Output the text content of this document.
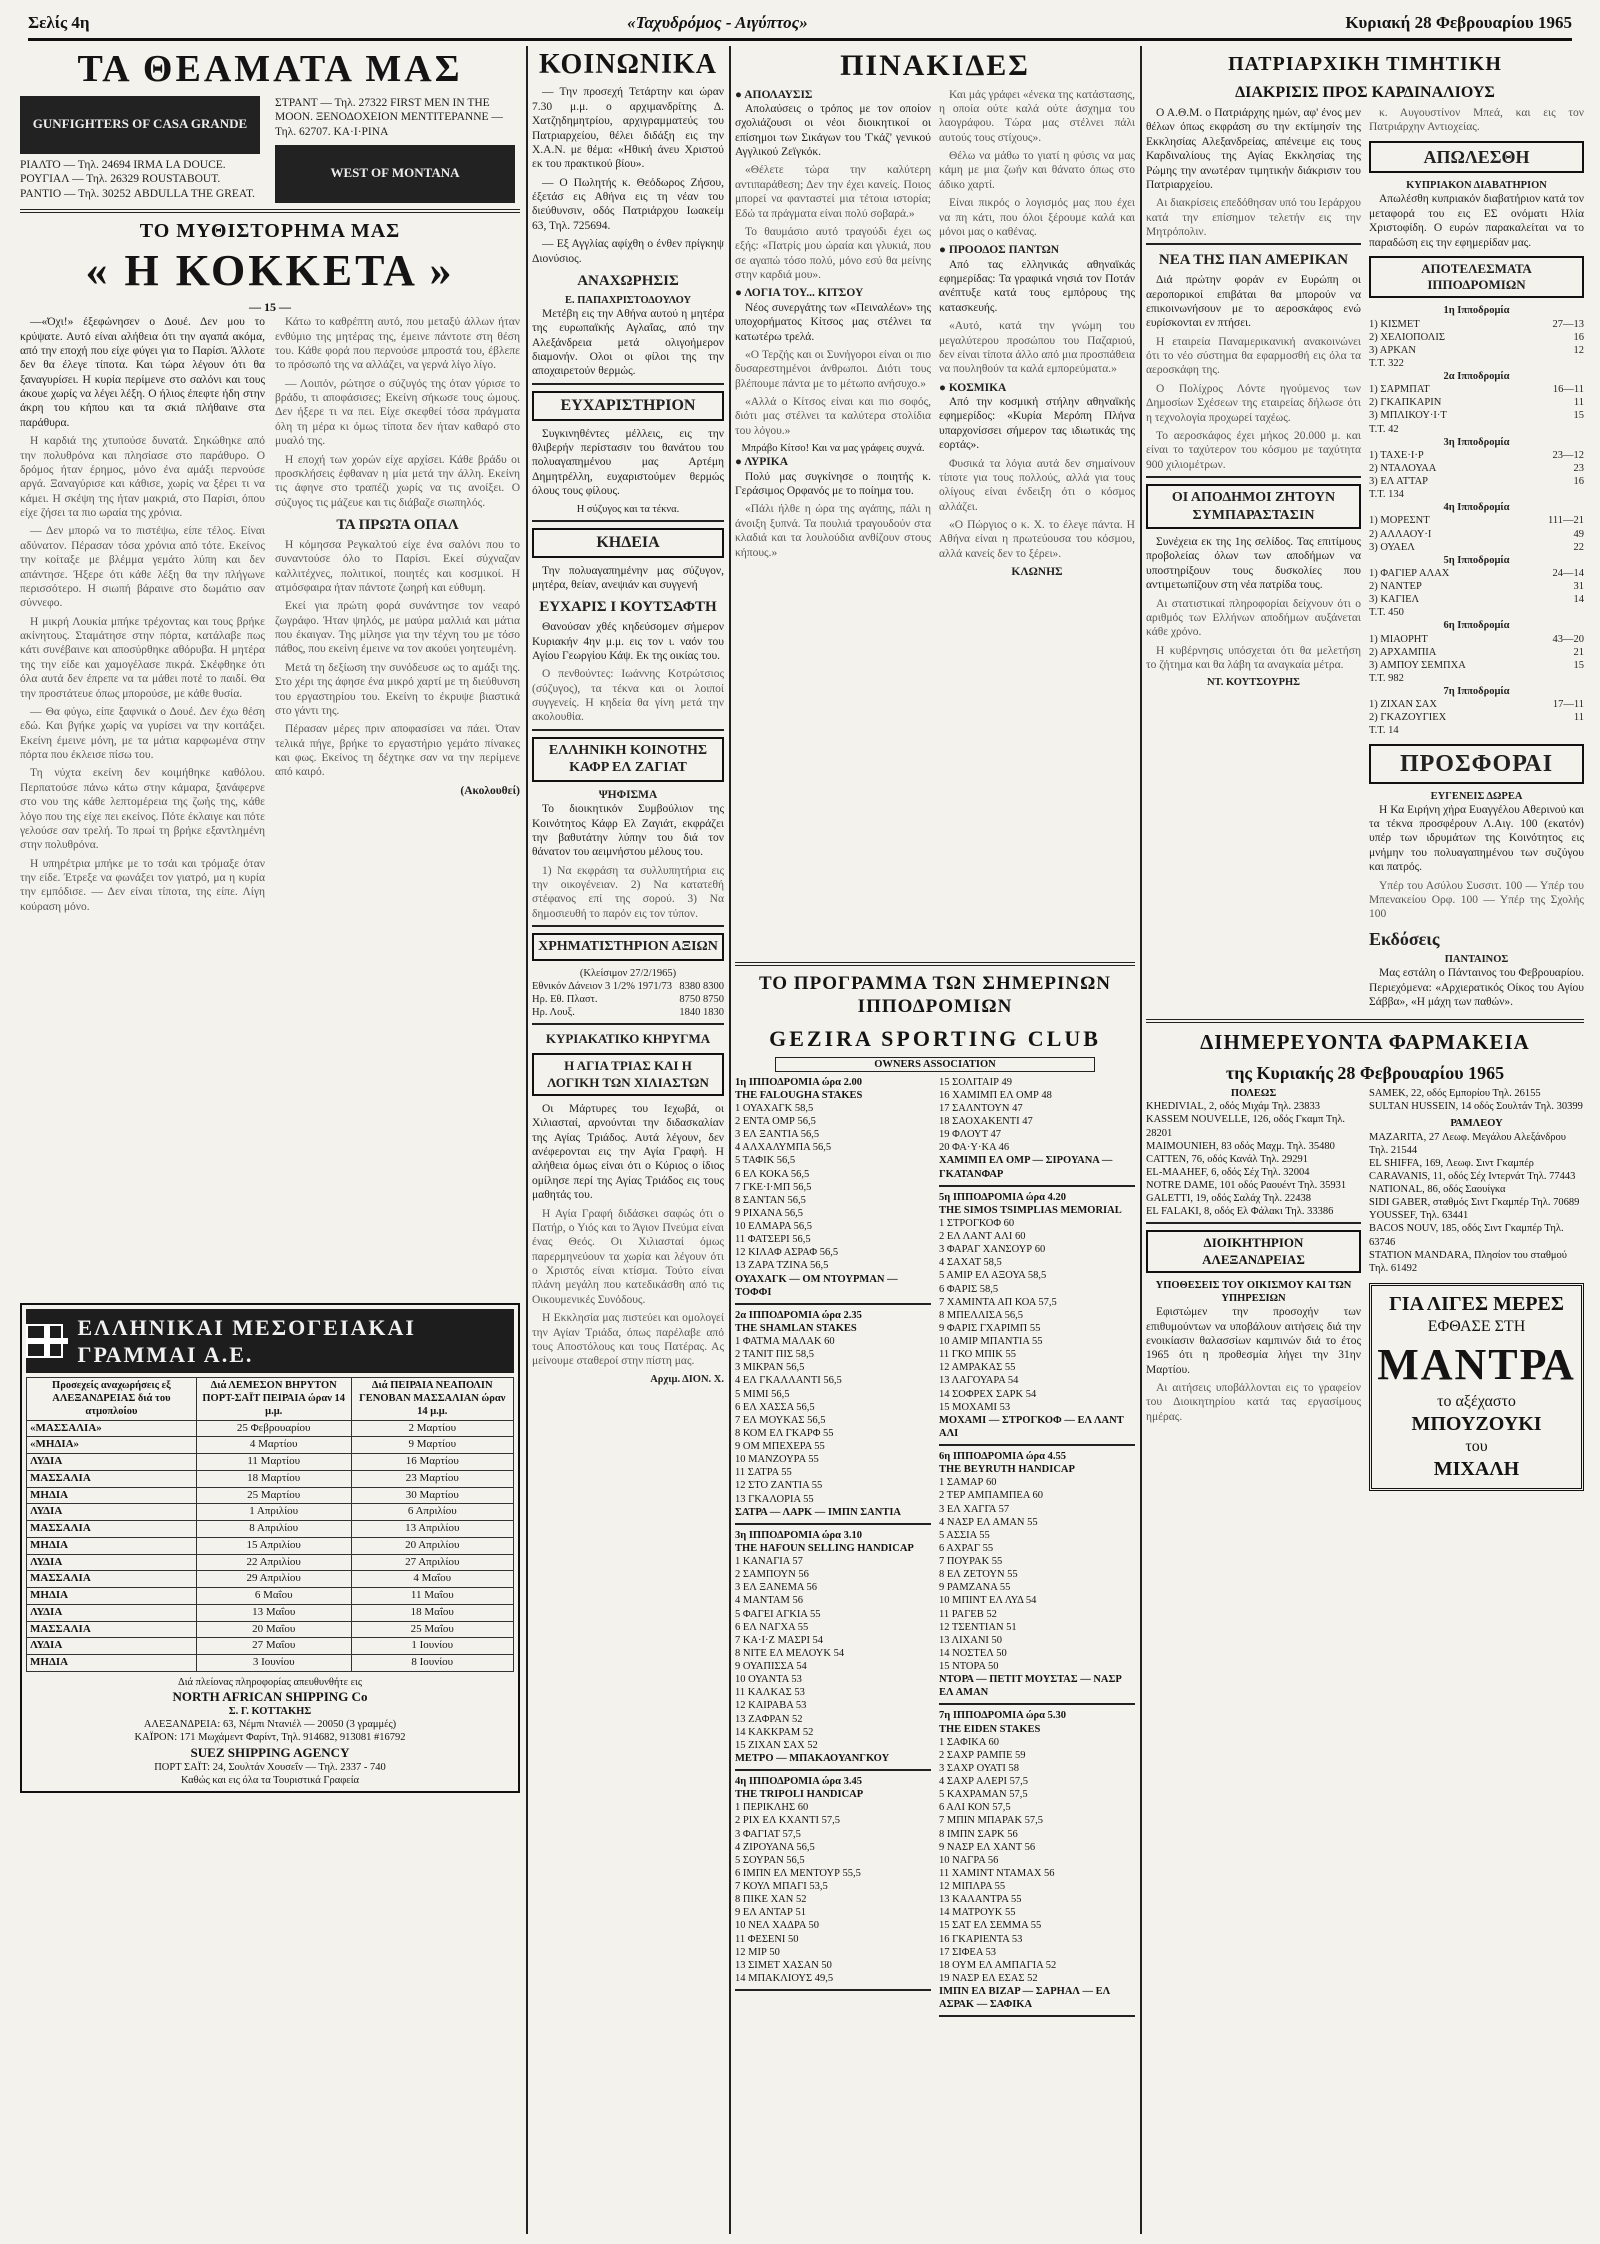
Σελίς 4η	«Ταχυδρόμος - Αιγύπτος»	Κυριακή 28 Φεβρουαρίου 1965
ΤΑ ΘΕΑΜΑΤΑ ΜΑΣ
GUNFIGHTERS OF CASA GRANDE
ΡΙΑΛΤΟ — Τηλ. 24694 IRMA LA DOUCE.
ΡΟΥΓΙΑΛ — Τηλ. 26329 ROUSTABOUT.
ΡΑΝΤΙΟ — Τηλ. 30252 ABDULLA THE GREAT.
ΣΤΡΑΝΤ — Τηλ. 27322 FIRST MEN IN THE MOON. ΞΕΝΟΔΟΧΕΙΟΝ ΜΕΝΤΙΤΕΡΑΝΝΕ — Τηλ. 62707. ΚΑ·Ι·ΡΙΝΑ
WEST OF MONTANA
ΤΟ ΜΥΘΙΣΤΟΡΗΜΑ ΜΑΣ
« Η ΚΟΚΚΕΤΑ »
— 15 —

—«Όχι!» έξεφώνησεν ο Δουέ. Δεν μου το κρύψατε. Αυτό είναι αλήθεια ότι την αγαπά ακόμα, από την εποχή που είχε φύγει για το Παρίσι. Άλλοτε δεν θα έλεγε τίποτα. Και τώρα λέγουν ότι θα ξαναγυρίσει. Η κυρία περίμενε στο σαλόνι και τους άκουε χωρίς να λέγει λέξη. Ο ήλιος έπεφτε ήδη στην άκρη του κήπου και τα σκιά πλήθαινε στα παράθυρα.

Η καρδιά της χτυπούσε δυνατά. Σηκώθηκε από την πολυθρόνα και πλησίασε στο παράθυρο. Ο δρόμος ήταν έρημος, μόνο ένα αμάξι περνούσε αργά. Ξαναγύρισε και κάθισε, χωρίς να ξέρει τι να κάμει. Η σκέψη της ήταν μακριά, στο Παρίσι, όπου είχε ζήσει τα πιο ωραία της χρόνια.

— Δεν μπορώ να το πιστέψω, είπε τέλος. Είναι αδύνατον. Πέρασαν τόσα χρόνια από τότε. Εκείνος την κοίταξε με βλέμμα γεμάτο λύπη και δεν απάντησε. Ήξερε ότι κάθε λέξη θα την πλήγωνε περισσότερο. Η σιωπή βάραινε στο δωμάτιο σαν σύννεφο.

Η μικρή Λουκία μπήκε τρέχοντας και τους βρήκε ακίνητους. Σταμάτησε στην πόρτα, κατάλαβε πως κάτι συνέβαινε και αποσύρθηκε αθόρυβα. Η μητέρα της την είδε και χαμογέλασε πικρά. Σκέφθηκε ότι όλα αυτά δεν έπρεπε να τα μάθει ποτέ το παιδί. Θα την προστάτευε όπως μπορούσε, με κάθε θυσία.

— Θα φύγω, είπε ξαφνικά ο Δουέ. Δεν έχω θέση εδώ. Και βγήκε χωρίς να γυρίσει να την κοιτάξει. Εκείνη έμεινε μόνη, με τα μάτια καρφωμένα στην πόρτα που έκλεισε πίσω του.

Τη νύχτα εκείνη δεν κοιμήθηκε καθόλου. Περπατούσε πάνω κάτω στην κάμαρα, ξανάφερνε στο νου της κάθε λεπτομέρεια της ζωής της, κάθε λόγο που της είχε πει εκείνος. Πότε έκλαιγε και πότε γελούσε σαν τρελή. Το πρωί τη βρήκε εξαντλημένη στην πολυθρόνα.

Η υπηρέτρια μπήκε με το τσάι και τρόμαξε όταν την είδε. Έτρεξε να φωνάξει τον γιατρό, μα η κυρία την εμπόδισε. — Δεν είναι τίποτα, της είπε. Λίγη κούραση μόνο.

Κάτω το καθρέπτη αυτό, που μεταξύ άλλων ήταν ενθύμιο της μητέρας της, έμεινε πάντοτε στη θέση του. Κάθε φορά που περνούσε μπροστά του, έβλεπε το πρόσωπό της να αλλάζει, να γερνά λίγο λίγο.

— Λοιπόν, ρώτησε ο σύζυγός της όταν γύρισε το βράδυ, τι αποφάσισες; Εκείνη σήκωσε τους ώμους. Δεν ήξερε τι να πει. Είχε σκεφθεί τόσα πράγματα όλη τη μέρα κι όμως τίποτα δεν ήταν καθαρό στο μυαλό της.

Η εποχή των χορών είχε αρχίσει. Κάθε βράδυ οι προσκλήσεις έφθαναν η μία μετά την άλλη. Εκείνη τις άφηνε στο τραπέζι χωρίς να τις ανοίξει. Ο σύζυγος τις μάζευε και τις διάβαζε σιωπηλός.

ΤΑ ΠΡΩΤΑ ΟΠΑΛ

Η κόμησσα Ρεγκαλτού είχε ένα σαλόνι που το συναντούσε όλο το Παρίσι. Εκεί σύχναζαν καλλιτέχνες, πολιτικοί, ποιητές και κοσμικοί. Η ατμόσφαιρα ήταν πάντοτε ζωηρή και εύθυμη.

Εκεί για πρώτη φορά συνάντησε τον νεαρό ζωγράφο. Ήταν ψηλός, με μαύρα μαλλιά και μάτια που έκαιγαν. Της μίλησε για την τέχνη του με τόσο πάθος, που εκείνη έμεινε να τον ακούει γοητευμένη.

Μετά τη δεξίωση την συνόδευσε ως το αμάξι της. Στο χέρι της άφησε ένα μικρό χαρτί με τη διεύθυνση του εργαστηρίου του. Εκείνη το έκρυψε βιαστικά στο γάντι της.

Πέρασαν μέρες πριν αποφασίσει να πάει. Όταν τελικά πήγε, βρήκε το εργαστήριο γεμάτο πίνακες και φως. Εκείνος τη δέχτηκε σαν να την περίμενε από καιρό.

(Ακολουθεί)
ΕΛΛΗΝΙΚΑΙ ΜΕΣΟΓΕΙΑΚΑΙ ΓΡΑΜΜΑΙ Α.Ε.
Προσεχείς αναχωρήσεις εξ ΑΛΕΞΑΝΔΡΕΙΑΣ διά του ατμοπλοίου	Διά ΛΕΜΕΣΟΝ ΒΗΡΥΤΟΝ ΠΟΡΤ-ΣΑΪΤ ΠΕΙΡΑΙΑ ώραν 14 μ.μ.	Διά ΠΕΙΡΑΙΑ ΝΕΑΠΟΛΙΝ ΓΕΝΟΒΑΝ ΜΑΣΣΑΛΙΑΝ ώραν 14 μ.μ.
«ΜΑΣΣΑΛΙΑ»	25 Φεβρουαρίου	2 Μαρτίου
«ΜΗΔΙΑ»	4 Μαρτίου	9 Μαρτίου
ΛΥΔΙΑ	11 Μαρτίου	16 Μαρτίου
ΜΑΣΣΑΛΙΑ	18 Μαρτίου	23 Μαρτίου
ΜΗΔΙΑ	25 Μαρτίου	30 Μαρτίου
ΛΥΔΙΑ	1 Απριλίου	6 Απριλίου
ΜΑΣΣΑΛΙΑ	8 Απριλίου	13 Απριλίου
ΜΗΔΙΑ	15 Απριλίου	20 Απριλίου
ΛΥΔΙΑ	22 Απριλίου	27 Απριλίου
ΜΑΣΣΑΛΙΑ	29 Απριλίου	4 Μαΐου
ΜΗΔΙΑ	6 Μαΐου	11 Μαΐου
ΛΥΔΙΑ	13 Μαΐου	18 Μαΐου
ΜΑΣΣΑΛΙΑ	20 Μαΐου	25 Μαΐου
ΛΥΔΙΑ	27 Μαΐου	1 Ιουνίου
ΜΗΔΙΑ	3 Ιουνίου	8 Ιουνίου
Διά πλείονας πληροφορίας απευθυνθήτε εις
NORTH AFRICAN SHIPPING Co
Σ. Γ. ΚΟΤΤΑΚΗΣ
ΑΛΕΞΑΝΔΡΕΙΑ: 63, Νέμπι Ντανιέλ — 20050 (3 γραμμές)
ΚΑΪΡΟΝ: 171 Μωχάμεντ Φαρίντ, Τηλ. 914682, 913081 #16792
SUEZ SHIPPING AGENCY
ΠΟΡΤ ΣΑΪΤ: 24, Σουλτάν Χουσεΐν — Τηλ. 2337 - 740
Καθώς και εις όλα τα Τουριστικά Γραφεία
ΚΟΙΝΩΝΙΚΑ

— Την προσεχή Τετάρτην και ώραν 7.30 μ.μ. ο αρχιμανδρίτης Δ. Χατζηδημητρίου, αρχιγραμματεύς του Πατριαρχείου, θέλει διδάξη εις την Χ.Α.Ν. με θέμα: «Ηθική άνευ Χριστού εκ του πρακτικού βίου».

— Ο Πωλητής κ. Θεόδωρος Ζήσου, έξετάσ εις Αθήνα εις τη νέαν του διεύθυνσιν, οδός Πατριάρχου Ιωακείμ 63, Τηλ. 725694.

— Εξ Αγγλίας αφίχθη ο ένθεν πρίγκηψ Διονύσιος.

ΑΝΑΧΩΡΗΣΙΣ
Ε. ΠΑΠΑΧΡΙΣΤΟΔΟΥΛΟΥ

Μετέβη εις την Αθήνα αυτού η μητέρα της ευρωπαϊκής Αγλαΐας, από την Αλεξάνδρεια μετά ολιγοήμερον διαμονήν. Ολοι οι φίλοι της την αποχαιρετούν θερμώς.

ΕΥΧΑΡΙΣΤΗΡΙΟΝ

Συγκινηθέντες μέλλεις, εις την θλιβερήν περίστασιν του θανάτου του πολυαγαπημένου μας Αρτέμη Δημητρέλλη, ευχαριστούμεν θερμώς όλους τους φίλους.

Η σύζυγος και τα τέκνα.
ΚΗΔΕΙΑ

Την πολυαγαπημένην μας σύζυγον, μητέρα, θείαν, ανεψιάν και συγγενή

ΕΥΧΑΡΙΣ Ι ΚΟΥΤΣΑΦΤΗ

Θανούσαν χθές κηδεύσομεν σήμερον Κυριακήν 4ην μ.μ. εις τον ι. ναόν του Αγίου Γεωργίου Κάψ. Εκ της οικίας του.

Ο πενθούντες: Ιωάννης Κοτρώτσιος (σύζυγος), τα τέκνα και οι λοιποί συγγενείς. Η κηδεία θα γίνη μετά την ακολουθία.

ΕΛΛΗΝΙΚΗ ΚΟΙΝΟΤΗΣ ΚΑΦΡ ΕΛ ΖΑΓΙΑΤ
ΨΗΦΙΣΜΑ

Το διοικητικόν Συμβούλιον της Κοινότητος Κάφρ Ελ Ζαγιάτ, εκφράζει την βαθυτάτην λύπην του διά τον θάνατον του αειμνήστου μέλους του.

1) Να εκφράση τα συλλυπητήρια εις την οικογένειαν. 2) Να κατατεθή στέφανος επί της σορού. 3) Να δημοσιευθή το παρόν εις τον τύπον.

ΧΡΗΜΑΤΙΣΤΗΡΙΟΝ ΑΞΙΩΝ
(Κλείσιμον 27/2/1965)
Εθνικόν Δάνειον 3 1/2% 1971/73 8380 8300
Ηρ. Εθ. Πλαστ.	8750 8750
Ηρ. Λουξ.	1840 1830
ΚΥΡΙΑΚΑΤΙΚΟ ΚΗΡΥΓΜΑ
Η ΑΓΙΑ ΤΡΙΑΣ ΚΑΙ Η ΛΟΓΙΚΗ ΤΩΝ ΧΙΛΙΑΣΤΩΝ

Οι Μάρτυρες του Ιεχωβά, οι Χιλιασταί, αρνούνται την διδασκαλίαν της Αγίας Τριάδος. Αυτά λέγουν, δεν ανέφερονται εις την Αγία Γραφή. Η αλήθεια όμως είναι ότι ο Κύριος ο ίδιος ομίλησε περί της Αγίας Τριάδος εις τους μαθητάς του.

Η Αγία Γραφή διδάσκει σαφώς ότι ο Πατήρ, ο Υιός και το Άγιον Πνεύμα είναι ένας Θεός. Οι Χιλιασταί όμως παρερμηνεύουν τα χωρία και λέγουν ότι ο Χριστός είναι κτίσμα. Τούτο είναι πλάνη μεγάλη που κατεδικάσθη από τις Οικουμενικές Συνόδους.

Η Εκκλησία μας πιστεύει και ομολογεί την Αγίαν Τριάδα, όπως παρέλαβε από τους Αποστόλους και τους Πατέρας. Ας μείνουμε σταθεροί στην πίστη μας.

Αρχιμ. ΔΙΟΝ. Χ.
ΠΙΝΑΚΙΔΕΣ
● ΑΠΟΛΑΥΣΙΣ

Απολαύσεις ο τρόπος με τον οποίον σχολιάζουσι οι νέοι διοικητικοί οι επίσημοι των Σικάγων του 'Γκάζ' γενικού Αγγλικού Ζεϊγκόκ.

«Θέλετε τώρα την καλύτερη αντιπαράθεση; Δεν την έχει κανείς. Ποιος μπορεί να φανταστεί μια τέτοια ιστορία; Εδώ τα πράγματα είναι πολύ σοβαρά.»

Το θαυμάσιο αυτό τραγούδι έχει ως εξής: «Πατρίς μου ώραία και γλυκιά, που σε αγαπώ τόσο πολύ, μόνο εσύ θα μείνης στην καρδιά μου».

● ΛΟΓΙΑ ΤΟΥ... ΚΙΤΣΟΥ

Νέος συνεργάτης των «Πειναλέων» της υποχορήματος Κίτσος μας στέλνει τα κατωτέρω τρελά.

«Ο Τερζής και οι Συνήγοροι είναι οι πιο δυσαρεστημένοι άνθρωποι. Διότι τους βλέπουμε πάντα με το μέτωπο ανήσυχο.»

«Αλλά ο Κίτσος είναι και πιο σοφός, διότι μας στέλνει τα καλύτερα στολίδια του λόγου.»

Μπράβο Κίτσο! Και να μας γράφεις συχνά.
● ΛΥΡΙΚΑ

Πολύ μας συγκίνησε ο ποιητής κ. Γεράσιμος Ορφανός με το ποίημα του.

«Πάλι ήλθε η ώρα της αγάπης, πάλι η άνοιξη ξυπνά. Τα πουλιά τραγουδούν στα κλαδιά και τα λουλούδια ανθίζουν στους κήπους.»

Και μάς γράφει «ένεκα της κατάστασης, η οποία ούτε καλά ούτε άσχημα του λαογράφου. Τώρα μας στέλνει πάλι αυτούς τους στίχους».

Θέλω να μάθω το γιατί η φύσις να μας κάμη με μια ζωήν και θάνατο όπως στο άδικο χαρτί.

Είναι πικρός ο λογισμός μας που έχει να πη κάτι, που όλοι ξέρουμε καλά και μόνοι μας ο καθένας.

● ΠΡΟΟΔΟΣ ΠΑΝΤΩΝ

Από τας ελληνικάς αθηναϊκάς εφημερίδας: Τα γραφικά νησιά τον Ποτάν ανέπτυξε κατά τους εμπόρους της κατασκευής.

«Αυτό, κατά την γνώμη του μεγαλύτερου προσώπου του Παζαριού, δεν είναι τίποτα άλλο από μια προσπάθεια να πουληθούν τα καλά εμπορεύματα.»

● ΚΟΣΜΙΚΑ

Από την κοσμική στήλην αθηναϊκής εφημερίδος: «Κυρία Μερόπη Πλήνα υπαρχονίσσει σήμερον τας ιδιωτικάς της εορτάς».

Φυσικά τα λόγια αυτά δεν σημαίνουν τίποτε για τους πολλούς, αλλά για τους ολίγους είναι ένδειξη ότι ο κόσμος αλλάζει.

«Ο Πώργιος ο κ. Χ. το έλεγε πάντα. Η Αθήνα είναι η πρωτεύουσα του κόσμου, αλλά κανείς δεν το ξέρει».

ΚΛΩΝΗΣ
ΤΟ ΠΡΟΓΡΑΜΜΑ ΤΩΝ ΣΗΜΕΡΙΝΩΝ ΙΠΠΟΔΡΟΜΙΩΝ
GEZIRA SPORTING CLUB
OWNERS ASSOCIATION
1η ΙΠΠΟΔΡΟΜΙΑ ώρα 2.00
THE FALOUGHA STAKES
1 ΟΥΑΧΑΓΚ 58,5
2 ΕΝΤΑ ΟΜΡ 56,5
3 ΕΛ ΞΑΝΤΙΑ 56,5
4 ΑΛΧΑΛΥΜΠΑ 56,5
5 ΤΑΦΙΚ 56,5
6 ΕΛ ΚΟΚΑ 56,5
7 ΓΚΕ·Ι·ΜΠ 56,5
8 ΣΑΝΤΑΝ 56,5
9 ΡΙΧΑΝΑ 56,5
10 ΕΛΜΑΡΑ 56,5
11 ΦΑΤΣΕΡΙ 56,5
12 ΚΙΛΑΦ ΑΣΡΑΦ 56,5
13 ΖΑΡΑ ΤΖΙΝΑ 56,5
ΟΥΑΧΑΓΚ — ΟΜ ΝΤΟΥΡΜΑΝ — ΤΟΦΦΙ
2α ΙΠΠΟΔΡΟΜΙΑ ώρα 2.35
THE SHAMLAN STAKES
1 ΦΑΤΜΑ ΜΑΛΑΚ 60
2 ΤΑΝΙΤ ΠΙΣ 58,5
3 ΜΙΚΡΑΝ 56,5
4 ΕΛ ΓΚΑΛΛΑΝΤΙ 56,5
5 ΜΙΜΙ 56,5
6 ΕΛ ΧΑΣΣΑ 56,5
7 ΕΛ ΜΟΥΚΑΣ 56,5
8 ΚΟΜ ΕΛ ΓΚΑΡΦ 55
9 ΟΜ ΜΠΕΧΕΡΑ 55
10 ΜΑΝΖΟΥΡΑ 55
11 ΣΑΤΡΑ 55
12 ΣΤΟ ΖΑΝΤΙΑ 55
13 ΓΚΑΛΟΡΙΑ 55
ΣΑΤΡΑ — ΛΑΡΚ — ΙΜΠΝ ΣΑΝΤΙΑ
3η ΙΠΠΟΔΡΟΜΙΑ ώρα 3.10
THE HAFOUN SELLING HANDICAP
1 ΚΑΝΑΓΙΑ 57
2 ΣΑΜΠΟΥΝ 56
3 ΕΛ ΞΑΝΕΜΑ 56
4 ΜΑΝΤΑΜ 56
5 ΦΑΓΕΙ ΑΓΚΙΑ 55
6 ΕΛ ΝΑΓΧΑ 55
7 ΚΑ·Ι·Ζ ΜΑΣΡΙ 54
8 ΝΙΤΕ ΕΛ ΜΕΛΟΥΚ 54
9 ΟΥΑΠΙΣΣΑ 54
10 ΟΥΑΝΤΑ 53
11 ΚΑΛΚΑΣ 53
12 ΚΑΙΡΑΒΑ 53
13 ΖΑΦΡΑΝ 52
14 ΚΑΚΚΡΑΜ 52
15 ΖΙΧΑΝ ΣΑΧ 52
ΜΕΤΡΟ — ΜΠΑΚΑΟΥΑΝΓΚΟΥ
4η ΙΠΠΟΔΡΟΜΙΑ ώρα 3.45
THE TRIPOLI HANDICAP
1 ΠΕΡΙΚΛΗΣ 60
2 ΡΙΧ ΕΛ ΚΧΑΝΤΙ 57,5
3 ΦΑΓΙΑΤ 57,5
4 ΖΙΡΟΥΑΝΑ 56,5
5 ΣΟΥΡΑΝ 56,5
6 ΙΜΠΝ ΕΛ ΜΕΝΤΟΥΡ 55,5
7 ΚΟΥΛ ΜΠΑΓΙ 53,5
8 ΠΙΚΕ ΧΑΝ 52
9 ΕΛ ΑΝΤΑΡ 51
10 ΝΕΛ ΧΑΔΡΑ 50
11 ΦΕΣΕΝΙ 50
12 ΜΙΡ 50
13 ΣΙΜΕΤ ΧΑΣΑΝ 50
14 ΜΠΑΚΛΙΟΥΣ 49,5
15 ΣΟΛΙΤΑΙΡ 49
16 ΧΑΜΙΜΠ ΕΛ ΟΜΡ 48
17 ΣΑΛΝΤΟΥΝ 47
18 ΣΑΟΧΑΚΕΝΤΙ 47
19 ΦΛΟΥΤ 47
20 ΦΑ·Υ·ΚΑ 46
ΧΑΜΙΜΠ ΕΛ ΟΜΡ — ΣΙΡΟΥΑΝΑ — ΓΚΑΤΑΝΦΑΡ
5η ΙΠΠΟΔΡΟΜΙΑ ώρα 4.20
THE SIMOS TSIMPLIAS MEMORIAL
1 ΣΤΡΟΓΚΟΦ 60
2 ΕΛ ΛΑΝΤ ΑΛΙ 60
3 ΦΑΡΑΓ ΧΑΝΣΟΥΡ 60
4 ΣΑΧΑΤ 58,5
5 ΑΜΙΡ ΕΛ ΑΞΟΥΑ 58,5
6 ΦΑΡΙΣ 58,5
7 ΧΑΜΙΝΤΑ ΑΠ ΚΟΑ 57,5
8 ΜΠΕΛΛΙΣΑ 56,5
9 ΦΑΡΙΣ ΓΧΑΡΙΜΠ 55
10 ΑΜΙΡ ΜΠΑΝΤΙΑ 55
11 ΓΚΟ ΜΠΙΚ 55
12 ΑΜΡΑΚΑΣ 55
13 ΛΑΓΟΥΑΡΑ 54
14 ΣΟΦΡΕΧ ΣΑΡΚ 54
15 ΜΟΧΑΜΙ 53
ΜΟΧΑΜΙ — ΣΤΡΟΓΚΟΦ — ΕΛ ΛΑΝΤ ΑΛΙ
6η ΙΠΠΟΔΡΟΜΙΑ ώρα 4.55
THE BEYRUTH HANDICAP
1 ΣΑΜΑΡ 60
2 ΤΕΡ ΑΜΠΑΜΠΕΑ 60
3 ΕΛ ΧΑΓΓΑ 57
4 ΝΑΣΡ ΕΛ ΑΜΑΝ 55
5 ΑΣΣΙΑ 55
6 ΑΧΡΑΓ 55
7 ΠΟΥΡΑΚ 55
8 ΕΛ ΖΕΤΟΥΝ 55
9 ΡΑΜΖΑΝΑ 55
10 ΜΠΙΝΤ ΕΛ ΛΥΔ 54
11 ΡΑΓΕΒ 52
12 ΤΣΕΝΤΙΑΝ 51
13 ΛΙΧΑΝΙ 50
14 ΝΟΣΤΕΛ 50
15 ΝΤΟΡΑ 50
ΝΤΟΡΑ — ΠΕΤΙΤ ΜΟΥΣΤΑΣ — ΝΑΣΡ ΕΛ ΑΜΑΝ
7η ΙΠΠΟΔΡΟΜΙΑ ώρα 5.30
THE EIDEN STAKES
1 ΣΑΦΙΚΑ 60
2 ΣΑΧΡ ΡΑΜΠΕ 59
3 ΣΑΧΡ ΟΥΑΤΙ 58
4 ΣΑΧΡ ΑΛΕΡΙ 57,5
5 ΚΑΧΡΑΜΑΝ 57,5
6 ΑΛΙ ΚΟΝ 57,5
7 ΜΠΙΝ ΜΠΑΡΑΚ 57,5
8 ΙΜΠΝ ΣΑΡΚ 56
9 ΝΑΣΡ ΕΛ ΧΑΝΤ 56
10 ΝΑΓΡΑ 56
11 ΧΑΜΙΝΤ ΝΤΑΜΑΧ 56
12 ΜΙΠΛΡΑ 55
13 ΚΑΛΑΝΤΡΑ 55
14 ΜΑΤΡΟΥΚ 55
15 ΣΑΤ ΕΛ ΣΕΜΜΑ 55
16 ΓΚΑΡΙΕΝΤΑ 53
17 ΣΙΦΕΑ 53
18 ΟΥΜ ΕΛ ΑΜΠΑΓΙΑ 52
19 ΝΑΣΡ ΕΛ ΕΣΑΣ 52
ΙΜΠΝ ΕΛ ΒΙΖΑΡ — ΣΑΡΗΑΛ — ΕΛ ΑΣΡΑΚ — ΣΑΦΙΚΑ
ΠΑΤΡΙΑΡΧΙΚΗ ΤΙΜΗΤΙΚΗ
ΔΙΑΚΡΙΣΙΣ ΠΡΟΣ ΚΑΡΔΙΝΑΛΙΟΥΣ

Ο Α.Θ.Μ. ο Πατριάρχης ημών, αφ' ένος μεν θέλων όπως εκφράση συ την εκτίμησίν της Εκκλησίας Αλεξανδρείας, απένειμε εις τους Καρδιναλίους της Αγίας Εκκλησίας της Ρώμης την ανωτέραν τιμητικήν διάκρισιν του Πατριαρχείου.

Αι διακρίσεις επεδόθησαν υπό του Ιεράρχου κατά την επίσημον τελετήν εις την Μητρόπολιν.

ΝΕΑ ΤΗΣ ΠΑΝ ΑΜΕΡΙΚΑΝ

Διά πρώτην φοράν εν Ευρώπη οι αεροπορικοί επιβάται θα μπορούν να επικοινωνήσουν με το αεροσκάφος ενώ ευρίσκονται εν πτήσει.

Η εταιρεία Παναμερικανική ανακοινώνει ότι το νέο σύστημα θα εφαρμοσθή εις όλα τα αεροσκάφη της.

Ο Πολίχρος Λόντε ηγούμενος των Δημοσίων Σχέσεων της εταιρείας δήλωσε ότι η τεχνολογία προχωρεί ταχέως.

Το αεροσκάφος έχει μήκος 20.000 μ. και είναι το ταχύτερον του κόσμου με ταχύτητα 900 χιλιομέτρων.

ΟΙ ΑΠΟΔΗΜΟΙ ΖΗΤΟΥΝ ΣΥΜΠΑΡΑΣΤΑΣΙΝ

Συνέχεια εκ της 1ης σελίδος. Τας επιτίμους προβολείας όλων των αποδήμων να υποστηρίξουν τους δυσκολίες που αντιμετωπίζουν στη νέα πατρίδα τους.

Αι στατιστικαί πληροφορίαι δείχνουν ότι ο αριθμός των Ελλήνων αποδήμων αυξάνεται κάθε χρόνο.

Η κυβέρνησις υπόσχεται ότι θα μελετήση το ζήτημα και θα λάβη τα αναγκαία μέτρα.

ΝΤ. ΚΟΥΤΣΟΥΡΗΣ

κ. Αυγουστίνον Μπεά, και εις τον Πατριάρχην Αντιοχείας.

ΑΠΩΛΕΣΘΗ
ΚΥΠΡΙΑΚΟΝ ΔΙΑΒΑΤΗΡΙΟΝ

Απωλέσθη κυπριακόν διαβατήριον κατά τον μεταφορά του εις ΕΣ ονόματι Ηλία Χριστοφίδη. Ο ευρών παρακαλείται να το παραδώση εις την εφημερίδαν μας.

ΑΠΟΤΕΛΕΣΜΑΤΑ ΙΠΠΟΔΡΟΜΙΩΝ
1η Ιπποδρομία
1) ΚΙΣΜΕΤ	27—13
2) ΧΕΛΙΟΠΟΛΙΣ	16
3) ΑΡΚΑΝ	12
Τ.Τ. 322
2α Ιπποδρομία
1) ΣΑΡΜΠΑΤ	16—11
2) ΓΚΑΠΚΑΡΙΝ	11
3) ΜΠΛΙΚΟΥ·Ι·Τ	15
Τ.Τ. 42
3η Ιπποδρομία
1) ΤΑΧΕ·Ι·Ρ	23—12
2) ΝΤΑΛΟΥΑΑ	23
3) ΕΛ ΑΤΤΑΡ	16
Τ.Τ. 134
4η Ιπποδρομία
1) ΜΟΡΕΣΝΤ	111—21
2) ΑΛΛΑΟΥ·Ι	49
3) ΟΥΑΕΛ	22
5η Ιπποδρομία
1) ΦΑΓΙΕΡ ΑΛΑΧ	24—14
2) ΝΑΝΤΕΡ	31
3) ΚΑΓΙΕΛ	14
Τ.Τ. 450
6η Ιπποδρομία
1) ΜΙΑΟΡΗΤ	43—20
2) ΑΡΧΑΜΠΙΑ	21
3) ΑΜΠΟΥ ΣΕΜΠΧΑ	15
Τ.Τ. 982
7η Ιπποδρομία
1) ΖΙΧΑΝ ΣΑΧ	17—11
2) ΓΚΑΖΟΥΓΙΕΧ	11
Τ.Τ. 14
ΠΡΟΣΦΟΡΑΙ
ΕΥΓΕΝΕΙΣ ΔΩΡΕΑ

Η Κα Ειρήνη χήρα Ευαγγέλου Αθερινού και τα τέκνα προσφέρουν Λ.Αιγ. 100 (εκατόν) υπέρ των ιδρυμάτων της Κοινότητος εις μνήμην του πολυαγαπημένου των συζύγου και πατρός.

Υπέρ του Ασύλου Συσσιτ. 100 — Υπέρ του Μπενακείου Ορφ. 100 — Υπέρ της Σχολής 100

Εκδόσεις
ΠΑΝΤΑΙΝΟΣ

Μας εστάλη ο Πάνταινος του Φεβρουαρίου. Περιεχόμενα: «Αρχιερατικός Οίκος του Αγίου Σάββα», «Η μάχη των παθών».

ΔΙΗΜΕΡΕΥΟΝΤΑ ΦΑΡΜΑΚΕΙΑ
της Κυριακής 28 Φεβρουαρίου 1965
ΠΟΛΕΩΣ
KHEDIVIAL, 2, οδός Μιχάμ Τηλ. 23833
KASSEM NOUVELLE, 126, οδός Γκαμπ Τηλ. 28201
MAIMOUNIEH, 83 οδός Μαχμ. Τηλ. 35480
CATTEN, 76, οδός Κανάλ Τηλ. 29291
EL-MAAHEF, 6, οδός Σέχ Τηλ. 32004
NOTRE DAME, 101 οδός Ραουέντ Τηλ. 35931
GALETTI, 19, οδός Σαλάχ Τηλ. 22438
EL FALAKI, 8, οδός Ελ Φάλακι Τηλ. 33386
ΔΙΟΙΚΗΤΗΡΙΟΝ ΑΛΕΞΑΝΔΡΕΙΑΣ
ΥΠΟΘΕΣΕΙΣ ΤΟΥ ΟΙΚΙΣΜΟΥ ΚΑΙ ΤΩΝ ΥΠΗΡΕΣΙΩΝ

Εφιστώμεν την προσοχήν των επιθυμούντων να υποβάλουν αιτήσεις διά την ενοικίασιν θαλασσίων καμπινών διά το έτος 1965 ότι η προθεσμία λήγει την 31ην Μαρτίου.

Αι αιτήσεις υποβάλλονται εις το γραφείον του Διοικητηρίου κατά τας εργασίμους ημέρας.

SAMEK, 22, οδός Εμπορίου Τηλ. 26155
SULTAN HUSSEIN, 14 οδός Σουλτάν Τηλ. 30399
ΡΑΜΛΕΟΥ
MAZARITA, 27 Λεωφ. Μεγάλου Αλεξάνδρου Τηλ. 21544
EL SHIFFA, 169, Λεωφ. Σιντ Γκαμπέρ
CARAVANIS, 11, οδός Σέχ Ιντερνάτ Τηλ. 77443
NATIONAL, 86, οδός Σαουίγκα
SIDI GABER, σταθμός Σιντ Γκαμπέρ Τηλ. 70689
YOUSSEF, Τηλ. 63441
BACOS NOUV, 185, οδός Σιντ Γκαμπέρ Τηλ. 63746
STATION MANDARA, Πλησίον του σταθμού Τηλ. 61492
ΓΙΑ ΛΙΓΕΣ ΜΕΡΕΣ
ΕΦΘΑΣΕ ΣΤΗ
ΜΑΝΤΡΑ
το αξέχαστο
ΜΠΟΥΖΟΥΚΙ
του
ΜΙΧΑΛΗ
